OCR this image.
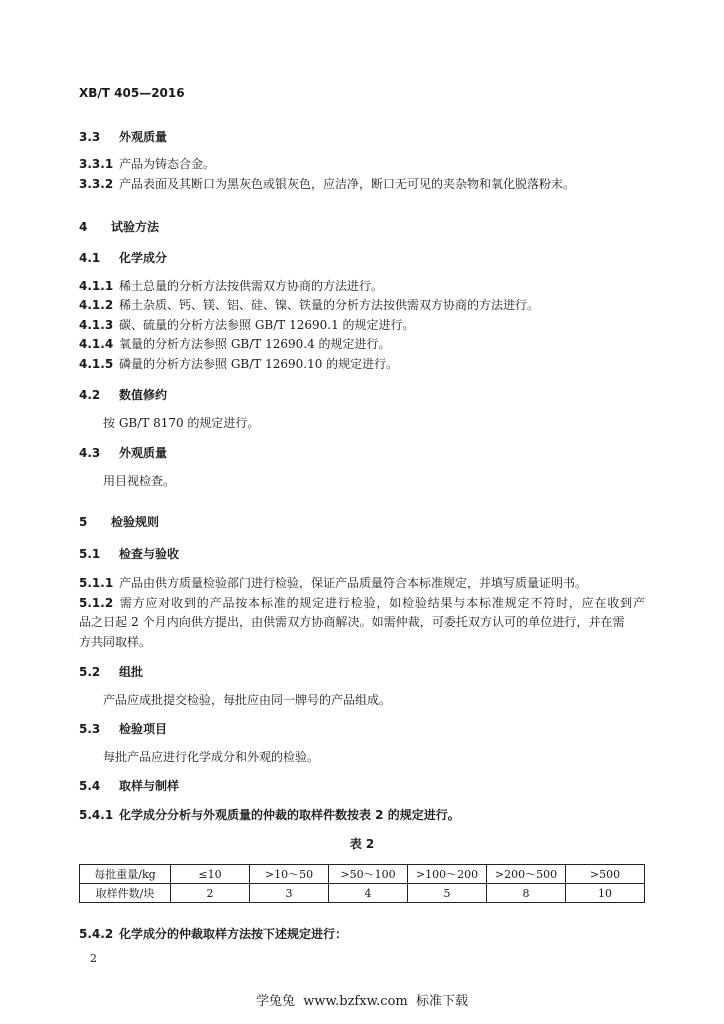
XB/T 405—2016
3.3 外观质量
3.3.1 产品为铸态合金。
3.3.2 产品表面及其断口为黑灰色或银灰色，应洁净，断口无可见的夹杂物和氧化脱落粉末。
4 试验方法
4.1 化学成分
4.1.1 稀土总量的分析方法按供需双方协商的方法进行。
4.1.2 稀土杂质、钙、镁、铝、硅、镍、铁量的分析方法按供需双方协商的方法进行。
4.1.3 碳、硫量的分析方法参照 GB/T 12690.1 的规定进行。
4.1.4 氧量的分析方法参照 GB/T 12690.4 的规定进行。
4.1.5 磷量的分析方法参照 GB/T 12690.10 的规定进行。
4.2 数值修约
按 GB/T 8170 的规定进行。
4.3 外观质量
用目视检查。
5 检验规则
5.1 检查与验收
5.1.1 产品由供方质量检验部门进行检验，保证产品质量符合本标准规定，并填写质量证明书。
5.1.2 需方应对收到的产品按本标准的规定进行检验，如检验结果与本标准规定不符时，应在收到产
品之日起 2 个月内向供方提出，由供需双方协商解决。如需仲裁，可委托双方认可的单位进行，并在需
方共同取样。
5.2 组批
产品应成批提交检验，每批应由同一牌号的产品组成。
5.3 检验项目
每批产品应进行化学成分和外观的检验。
5.4 取样与制样
5.4.1 化学成分分析与外观质量的仲裁的取样件数按表 2 的规定进行。
表 2
每批重量/kg	≤10	>10～50	>50～100	>100～200	>200～500	>500
取样件数/块	2	3	4	5	8	10
5.4.2 化学成分的仲裁取样方法按下述规定进行：
2
学兔兔  www.bzfxw.com  标准下载
